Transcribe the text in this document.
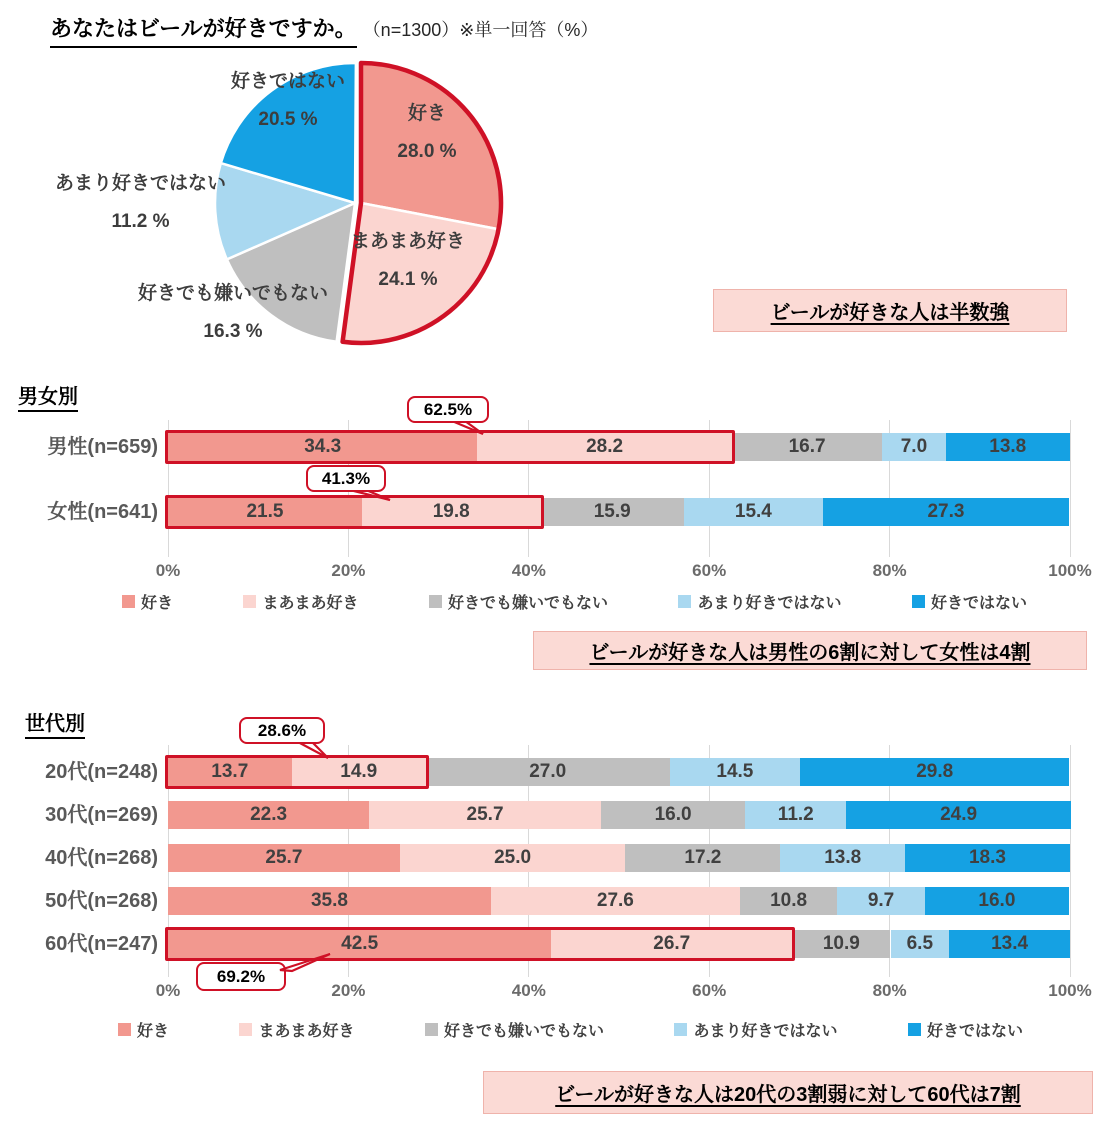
あなたはビールが好きですか。 （n=1300）※単一回答（%）
好き
28.0 %
まあまあ好き
24.1 %
好きでも嫌いでもない
16.3 %
あまり好きではない
11.2 %
好きではない
20.5 %
ビールが好きな人は半数強
ビールが好きな人は男性の6割に対して女性は4割
ビールが好きな人は20代の3割弱に対して60代は7割
男女別
世代別
0%	20%	40%	60%	80%	100%
男性(n=659)	34.3	28.2	16.7	7.0	13.8
女性(n=641)	21.5	19.8	15.9	15.4	27.3
好き	まあまあ好き	好きでも嫌いでもない	あまり好きではない	好きではない
0%	20%	40%	60%	80%	100%
20代(n=248)	13.7	14.9	27.0	14.5	29.8
30代(n=269)	22.3	25.7	16.0	11.2	24.9
40代(n=268)	25.7	25.0	17.2	13.8	18.3
50代(n=268)	35.8	27.6	10.8	9.7	16.0
60代(n=247)	42.5	26.7	10.9	6.5	13.4
好き	まあまあ好き	好きでも嫌いでもない	あまり好きではない	好きではない
62.5%
41.3%
28.6%
69.2%
